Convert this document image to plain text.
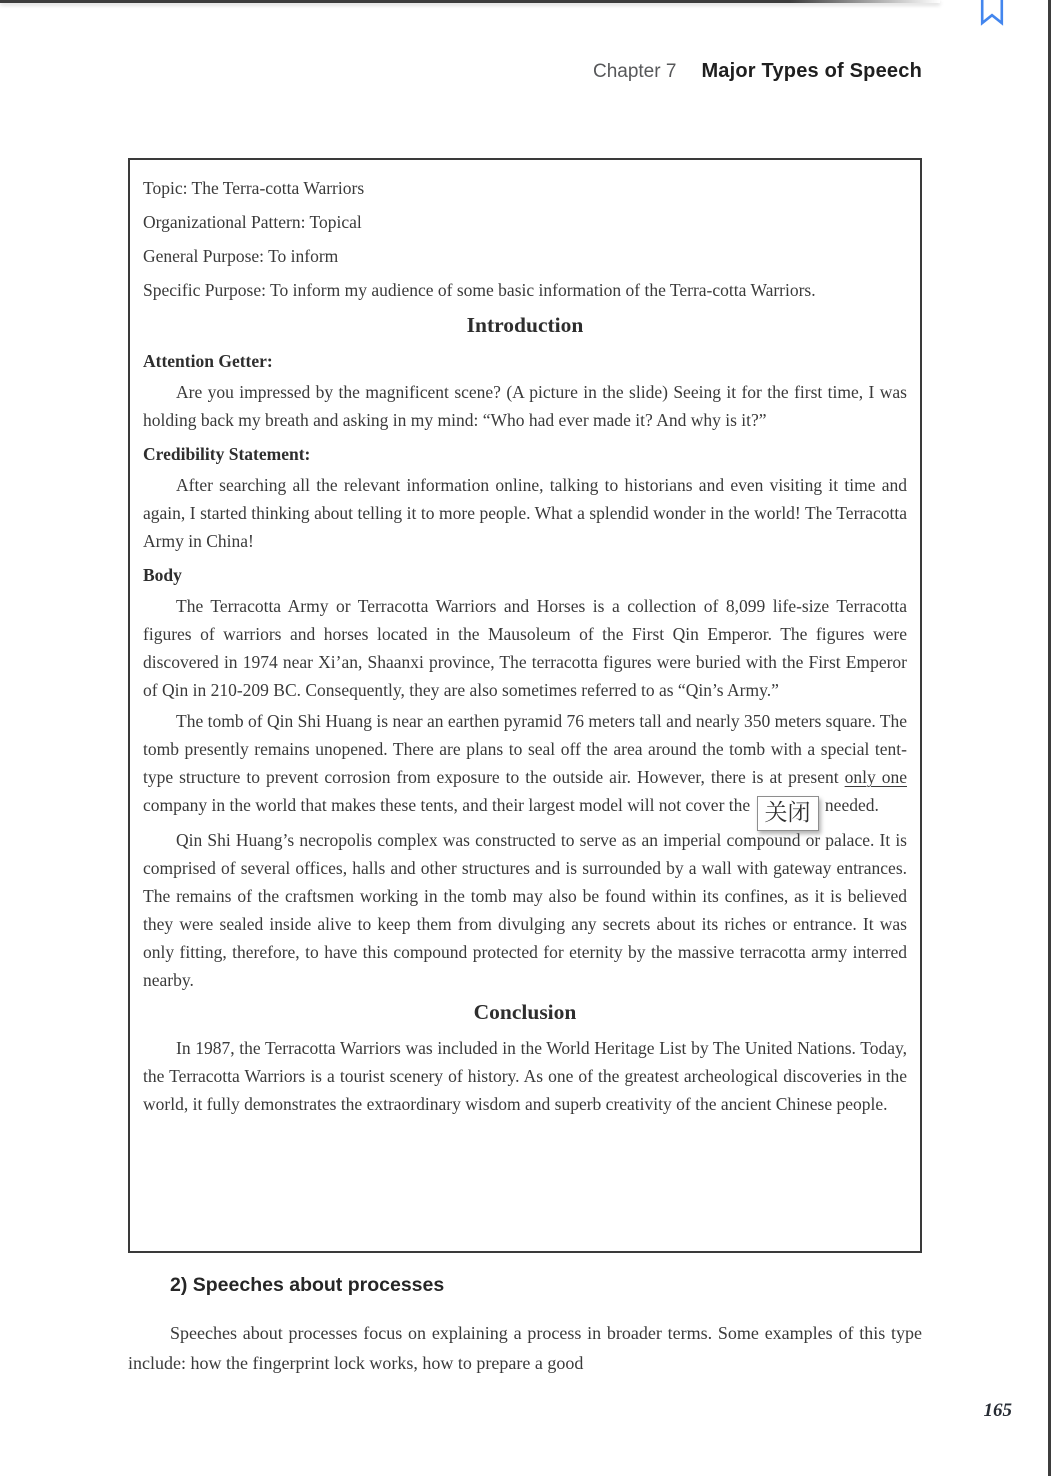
Chapter 7 Major Types of Speech
Topic: The Terra-cotta Warriors
Organizational Pattern: Topical
General Purpose: To inform
Specific Purpose: To inform my audience of some basic information of the Terra-cotta Warriors.
Introduction
Attention Getter:

Are you impressed by the magnificent scene? (A picture in the slide) Seeing it for the first time, I was holding back my breath and asking in my mind: “Who had ever made it? And why is it?”

Credibility Statement:

After searching all the relevant information online, talking to historians and even visiting it time and again, I started thinking about telling it to more people. What a splendid wonder in the world! The Terracotta Army in China!

Body

The Terracotta Army or Terracotta Warriors and Horses is a collection of 8,099 life-size Terracotta figures of warriors and horses located in the Mausoleum of the First Qin Emperor. The figures were discovered in 1974 near Xi’an, Shaanxi province, The terracotta figures were buried with the First Emperor of Qin in 210-209 BC. Consequently, they are also sometimes referred to as “Qin’s Army.”

The tomb of Qin Shi Huang is near an earthen pyramid 76 meters tall and nearly 350 meters square. The tomb presently remains unopened. There are plans to seal off the area around the tomb with a special tent-type structure to prevent corrosion from exposure to the outside air. However, there is at present only one company in the world that makes these tents, and their largest model will not cover the 关闭 needed.

Qin Shi Huang’s necropolis complex was constructed to serve as an imperial compound or palace. It is comprised of several offices, halls and other structures and is surrounded by a wall with gateway entrances. The remains of the craftsmen working in the tomb may also be found within its confines, as it is believed they were sealed inside alive to keep them from divulging any secrets about its riches or entrance. It was only fitting, therefore, to have this compound protected for eternity by the massive terracotta army interred nearby.

Conclusion

In 1987, the Terracotta Warriors was included in the World Heritage List by The United Nations. Today, the Terracotta Warriors is a tourist scenery of history. As one of the greatest archeological discoveries in the world, it fully demonstrates the extraordinary wisdom and superb creativity of the ancient Chinese people.

2) Speeches about processes

Speeches about processes focus on explaining a process in broader terms. Some examples of this type include: how the fingerprint lock works, how to prepare a good

165
